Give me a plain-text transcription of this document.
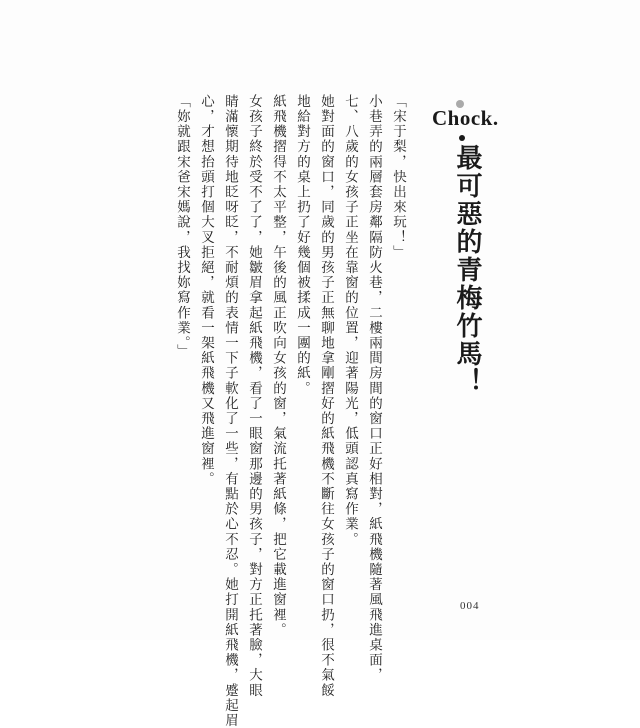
Chock.
最可惡的青梅竹馬！
「宋于梨，快出來玩！」
小巷弄的兩層套房鄰隔防火巷，二樓兩間房間的窗口正好相對，紙飛機隨著風飛進桌面，
七、八歲的女孩子正坐在靠窗的位置，迎著陽光，低頭認真寫作業。
她對面的窗口，同歲的男孩子正無聊地拿剛摺好的紙飛機不斷往女孩子的窗口扔，很不氣餒
地給對方的桌上扔了好幾個被揉成一團的紙。
紙飛機摺得不太平整，午後的風正吹向女孩的窗，氣流托著紙條，把它載進窗裡。
女孩子終於受不了了，她皺眉拿起紙飛機，看了一眼窗那邊的男孩子，對方正托著臉，大眼
睛滿懷期待地眨呀眨，不耐煩的表情一下子軟化了一些，有點於心不忍。她打開紙飛機，蹙起眉
心，才想抬頭打個大叉拒絕，就看一架紙飛機又飛進窗裡。
「妳就跟宋爸宋媽說，我找妳寫作業。」
004
